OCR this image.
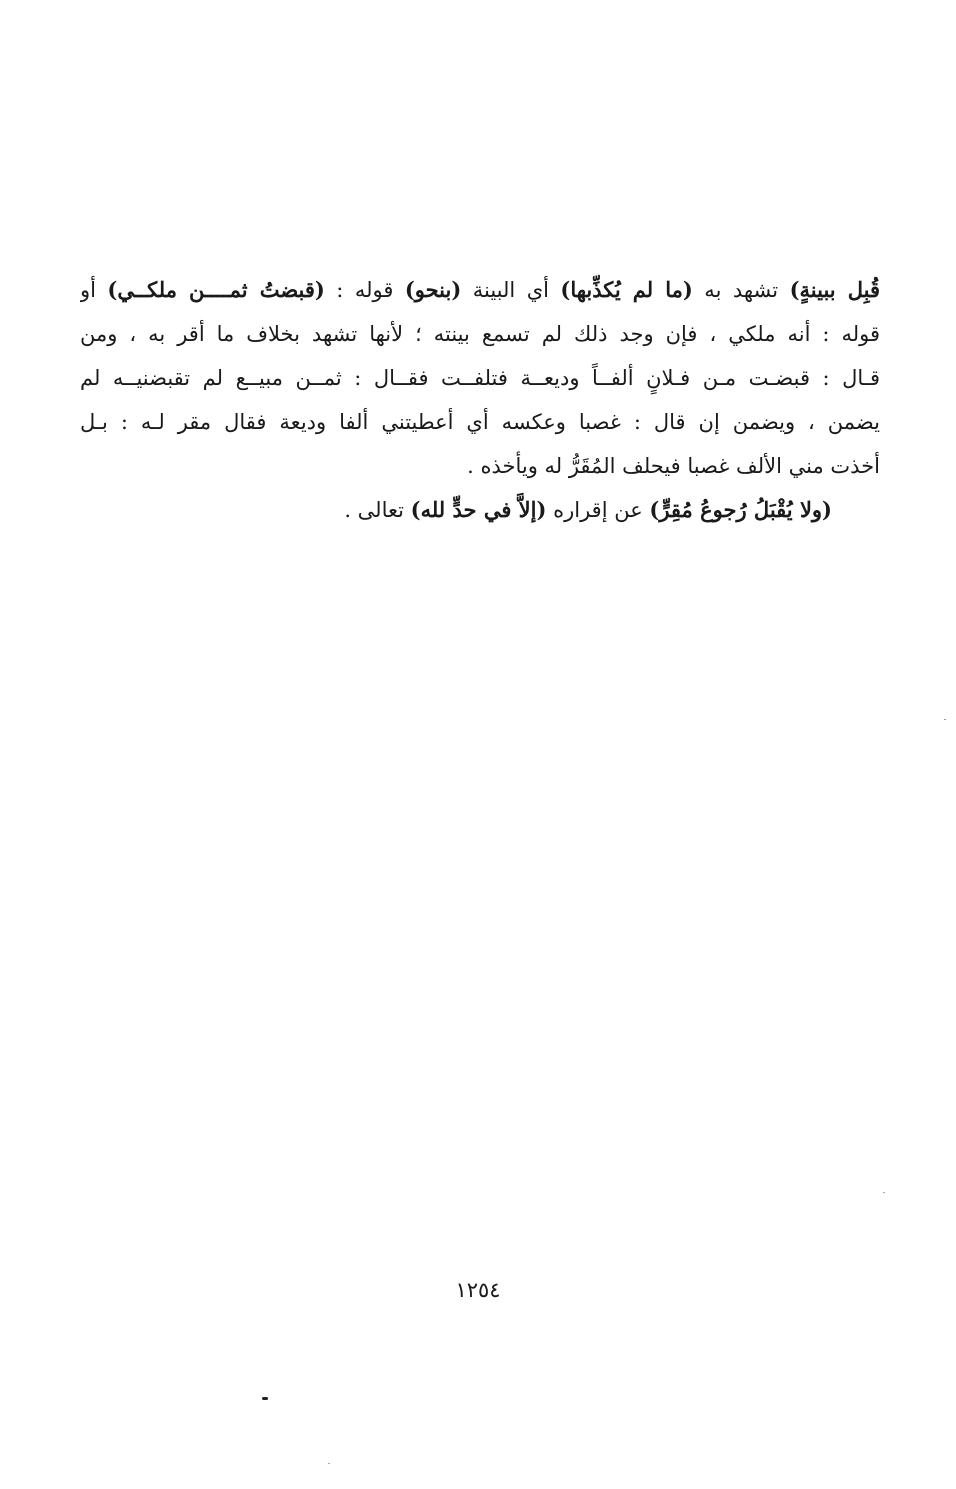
قُبِل ببينةٍ) تشهد به (ما لم يُكذِّبها) أي البينة (بنحو) قوله : (قبضتُ ثمــــن ملكــي) أو
قوله : أنه ملكي ، فإن وجد ذلك لم تسمع بينته ؛ لأنها تشهد بخلاف ما أقر به ، ومن
قـال : قبضـت مـن فـلانٍ ألفــاً وديعــة فتلفــت فقــال : ثمــن مبيــع لم تقبضنيــه لم
يضمن ، ويضمن إن قال : غصبا وعكسه أي أعطيتني ألفا وديعة فقال مقر لـه : بـل
أخذت مني الألف غصبا فيحلف المُقَرُّ له ويأخذه .
(ولا يُقْبَلُ رُجوعُ مُقِرٍّ) عن إقراره (إلاَّ في حدٍّ لله) تعالى .
١٢٥٤
